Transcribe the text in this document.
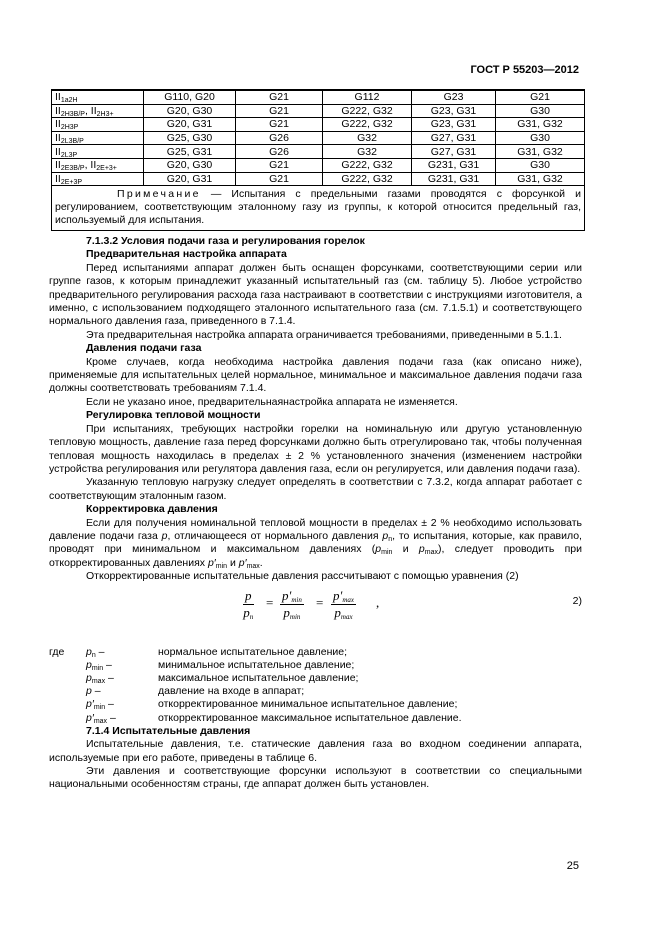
ГОСТ Р 55203—2012
$II_{1a2H}$	G110, G20	G21	G112	G23	G21
$II_{2H3B/P}$, $II_{2H3+}$	G20, G30	G21	G222, G32	G23, G31	G30
$II_{2H3P}$	G20, G31	G21	G222, G32	G23, G31	G31, G32
$II_{2L3B/P}$	G25, G30	G26	G32	G27, G31	G30
$II_{2L3P}$	G25, G31	G26	G32	G27, G31	G31, G32
$II_{2E3B/P}$, $II_{2E+3+}$	G20, G30	G21	G222, G32	G231, G31	G30
$II_{2E+3P}$	G20, G31	G21	G222, G32	G231, G31	G31, G32
Примечание — Испытания с предельными газами проводятся с форсункой и регулированием, соответствующим эталонному газу из группы, к которой относится предельный газ, используемый для испытания.					

7.1.3.2 Условия подачи газа и регулирования горелок

Предварительная настройка аппарата

Перед испытаниями аппарат должен быть оснащен форсунками, соответствующими серии или группе газов, к которым принадлежит указанный испытательный газ (см. таблицу 5). Любое устройство предварительного регулирования расхода газа настраивают в соответствии с инструкциями изготовителя, а именно, с использованием подходящего эталонного испытательного газа (см. 7.1.5.1) и соответствующего нормального давления газа, приведенного в 7.1.4.

Эта предварительная настройка аппарата ограничивается требованиями, приведенными в 5.1.1.

Давления подачи газа

Кроме случаев, когда необходима настройка давления подачи газа (как описано ниже), применяемые для испытательных целей нормальное, минимальное и максимальное давления подачи газа должны соответствовать требованиям 7.1.4.

Если не указано иное, предварительнаянастройка аппарата не изменяется.

Регулировка тепловой мощности

При испытаниях, требующих настройки горелки на номинальную или другую установленную тепловую мощность, давление газа перед форсунками должно быть отрегулировано так, чтобы полученная тепловая мощность находилась в пределах ± 2 % установленного значения (изменением настройки устройства регулирования или регулятора давления газа, если он регулируется, или давления подачи газа).

Указанную тепловую нагрузку следует определять в соответствии с 7.3.2, когда аппарат работает с соответствующим эталонным газом.

Корректировка давления

Если для получения номинальной тепловой мощности в пределах ± 2 % необходимо использовать давление подачи газа p, отличающееся от нормального давления $p_n$, то испытания, которые, как правило, проводят при минимальном и максимальном давлениях ($p_{min}$ и $p_{max}$), следует проводить при откорректированных давлениях $p'_{min}$ и $p'_{max}$.

Откорректированные испытательные давления рассчитывают с помощью уравнения (2)

$\frac{p}{p_n} = p'_{min}$
$p_{min}$
= $p'_{max}$
$p_{max}$
,	2)
где $p_n$ –	нормальное испытательное давление;
$p_{min}$ –	минимальное испытательное давление;
$p_{max}$ –	максимальное испытательное давление;
p –	давление на входе в аппарат;
$p'_{min}$ –	откорректированное минимальное испытательное давление;
$p'_{max}$ –	откорректированное максимальное испытательное давление.

7.1.4 Испытательные давления

Испытательные давления, т.е. статические давления газа во входном соединении аппарата, используемые при его работе, приведены в таблице 6.

Эти давления и соответствующие форсунки используют в соответствии со специальными национальными особенностям страны, где аппарат должен быть установлен.

25
